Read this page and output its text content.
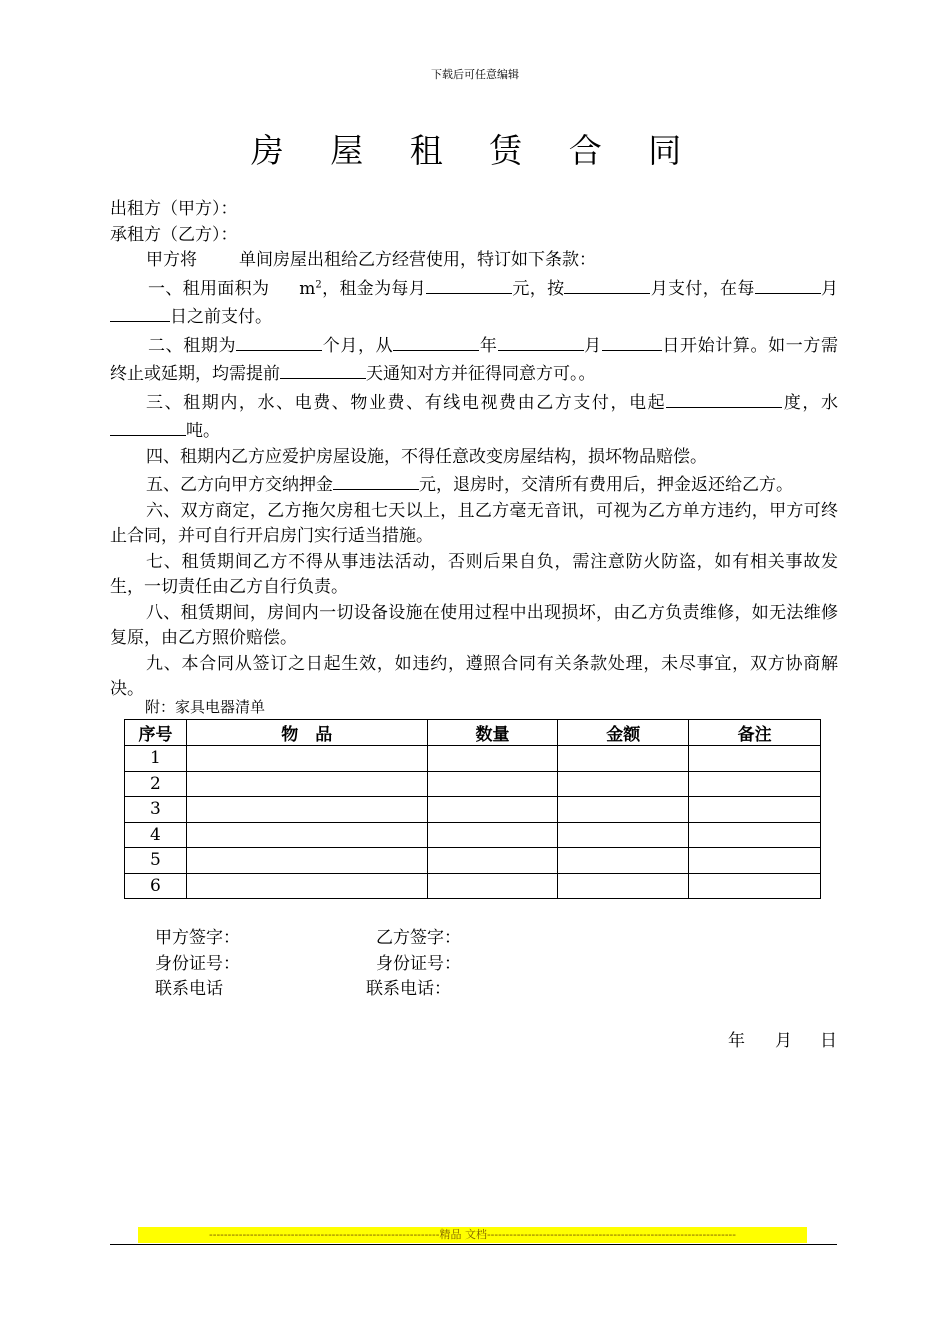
下载后可任意编辑
房 屋 租 赁 合 同

出租方（甲方）：

承租方（乙方）：

甲方将 单间房屋出租给乙方经营使用，特订如下条款：

一、租用面积为 $m^2$，租金为每月	元，按	月支付，在每	月日之前支付。

二、租期为	个月，从	年	月	日开始计算。如一方需终止或延期，均需提前	天通知对方并征得同意方可。。

三、租期内，水、电费、物业费、有线电视费由乙方支付，电起	度，水吨。

四、租期内乙方应爱护房屋设施，不得任意改变房屋结构，损坏物品赔偿。

五、乙方向甲方交纳押金	元，退房时，交清所有费用后，押金返还给乙方。

六、双方商定，乙方拖欠房租七天以上，且乙方毫无音讯，可视为乙方单方违约，甲方可终止合同，并可自行开启房门实行适当措施。

七、租赁期间乙方不得从事违法活动，否则后果自负，需注意防火防盗，如有相关事故发生，一切责任由乙方自行负责。

八、租赁期间，房间内一切设备设施在使用过程中出现损坏，由乙方负责维修，如无法维修复原，由乙方照价赔偿。

九、本合同从签订之日起生效，如违约，遵照合同有关条款处理，未尽事宜，双方协商解决。

附：家具电器清单
序号	物　品	数量	金额	备注
1				
2				
3				
4				
5				
6				
甲方签字：	乙方签字：
身份证号：	身份证号：
联系电话	联系电话：
年 月 日
--------------------------------------------------------------精品 文档-------------------------------------------------------------------
